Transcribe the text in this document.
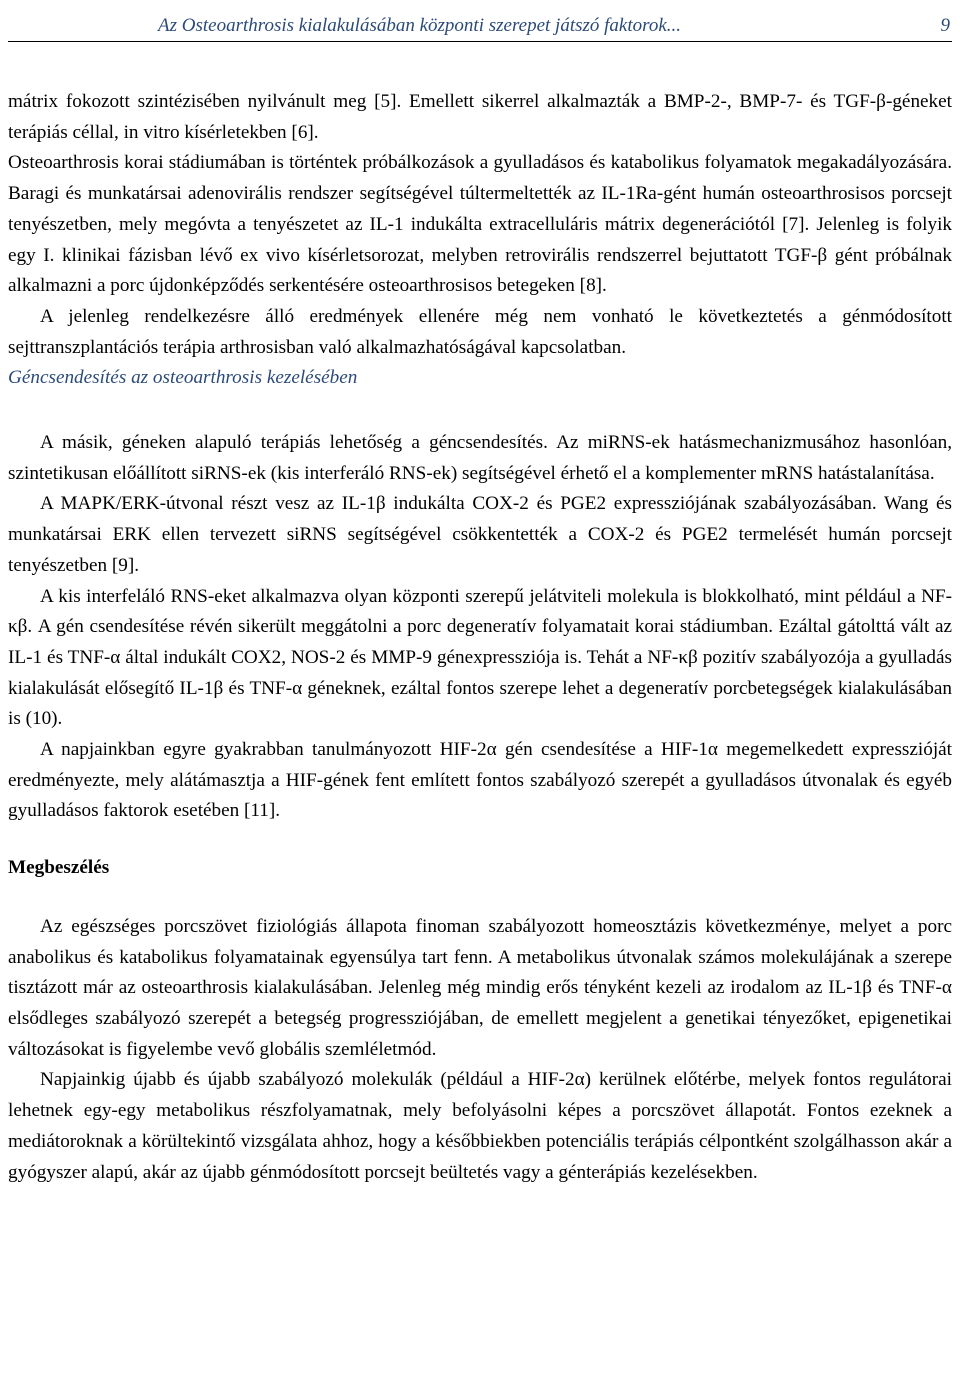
Az Osteoarthrosis kialakulásában központi szerepet játszó faktorok...	9

mátrix fokozott szintézisében nyilvánult meg [5]. Emellett sikerrel alkalmazták a BMP-2-, BMP-7- és TGF-β-géneket terápiás céllal, in vitro kísérletekben [6].

Osteoarthrosis korai stádiumában is történtek próbálkozások a gyulladásos és katabolikus folyamatok megakadályozására. Baragi és munkatársai adenovirális rendszer segítségével túltermeltették az IL-1Ra-gént humán osteoarthrosisos porcsejt tenyészetben, mely megóvta a tenyészetet az IL-1 indukálta extracelluláris mátrix degenerációtól [7]. Jelenleg is folyik egy I. klinikai fázisban lévő ex vivo kísérletsorozat, melyben retrovirális rendszerrel bejuttatott TGF-β gént próbálnak alkalmazni a porc újdonképződés serkentésére osteoarthrosisos betegeken [8].

A jelenleg rendelkezésre álló eredmények ellenére még nem vonható le következtetés a génmódosított sejttranszplantációs terápia arthrosisban való alkalmazhatóságával kapcsolatban.

Géncsendesítés az osteoarthrosis kezelésében

A másik, géneken alapuló terápiás lehetőség a géncsendesítés. Az miRNS-ek hatásmechanizmusához hasonlóan, szintetikusan előállított siRNS-ek (kis interferáló RNS-ek) segítségével érhető el a komplementer mRNS hatástalanítása.

A MAPK/ERK-útvonal részt vesz az IL-1β indukálta COX-2 és PGE2 expressziójának szabályozásában. Wang és munkatársai ERK ellen tervezett siRNS segítségével csökkentették a COX-2 és PGE2 termelését humán porcsejt tenyészetben [9].

A kis interfeláló RNS-eket alkalmazva olyan központi szerepű jelátviteli molekula is blokkolható, mint például a NF-κβ. A gén csendesítése révén sikerült meggátolni a porc degeneratív folyamatait korai stádiumban. Ezáltal gátolttá vált az IL-1 és TNF-α által indukált COX2, NOS-2 és MMP-9 génexpressziója is. Tehát a NF-κβ pozitív szabályozója a gyulladás kialakulását elősegítő IL-1β és TNF-α géneknek, ezáltal fontos szerepe lehet a degeneratív porcbetegségek kialakulásában is (10).

A napjainkban egyre gyakrabban tanulmányozott HIF-2α gén csendesítése a HIF-1α megemelkedett expresszióját eredményezte, mely alátámasztja a HIF-gének fent említett fontos szabályozó szerepét a gyulladásos útvonalak és egyéb gyulladásos faktorok esetében [11].

Megbeszélés

Az egészséges porcszövet fiziológiás állapota finoman szabályozott homeosztázis következménye, melyet a porc anabolikus és katabolikus folyamatainak egyensúlya tart fenn. A metabolikus útvonalak számos molekulájának a szerepe tisztázott már az osteoarthrosis kialakulásában. Jelenleg még mindig erős tényként kezeli az irodalom az IL-1β és TNF-α elsődleges szabályozó szerepét a betegség progressziójában, de emellett megjelent a genetikai tényezőket, epigenetikai változásokat is figyelembe vevő globális szemléletmód.

Napjainkig újabb és újabb szabályozó molekulák (például a HIF-2α) kerülnek előtérbe, melyek fontos regulátorai lehetnek egy-egy metabolikus részfolyamatnak, mely befolyásolni képes a porcszövet állapotát. Fontos ezeknek a mediátoroknak a körültekintő vizsgálata ahhoz, hogy a későbbiekben potenciális terápiás célpontként szolgálhasson akár a gyógyszer alapú, akár az újabb génmódosított porcsejt beültetés vagy a génterápiás kezelésekben.
